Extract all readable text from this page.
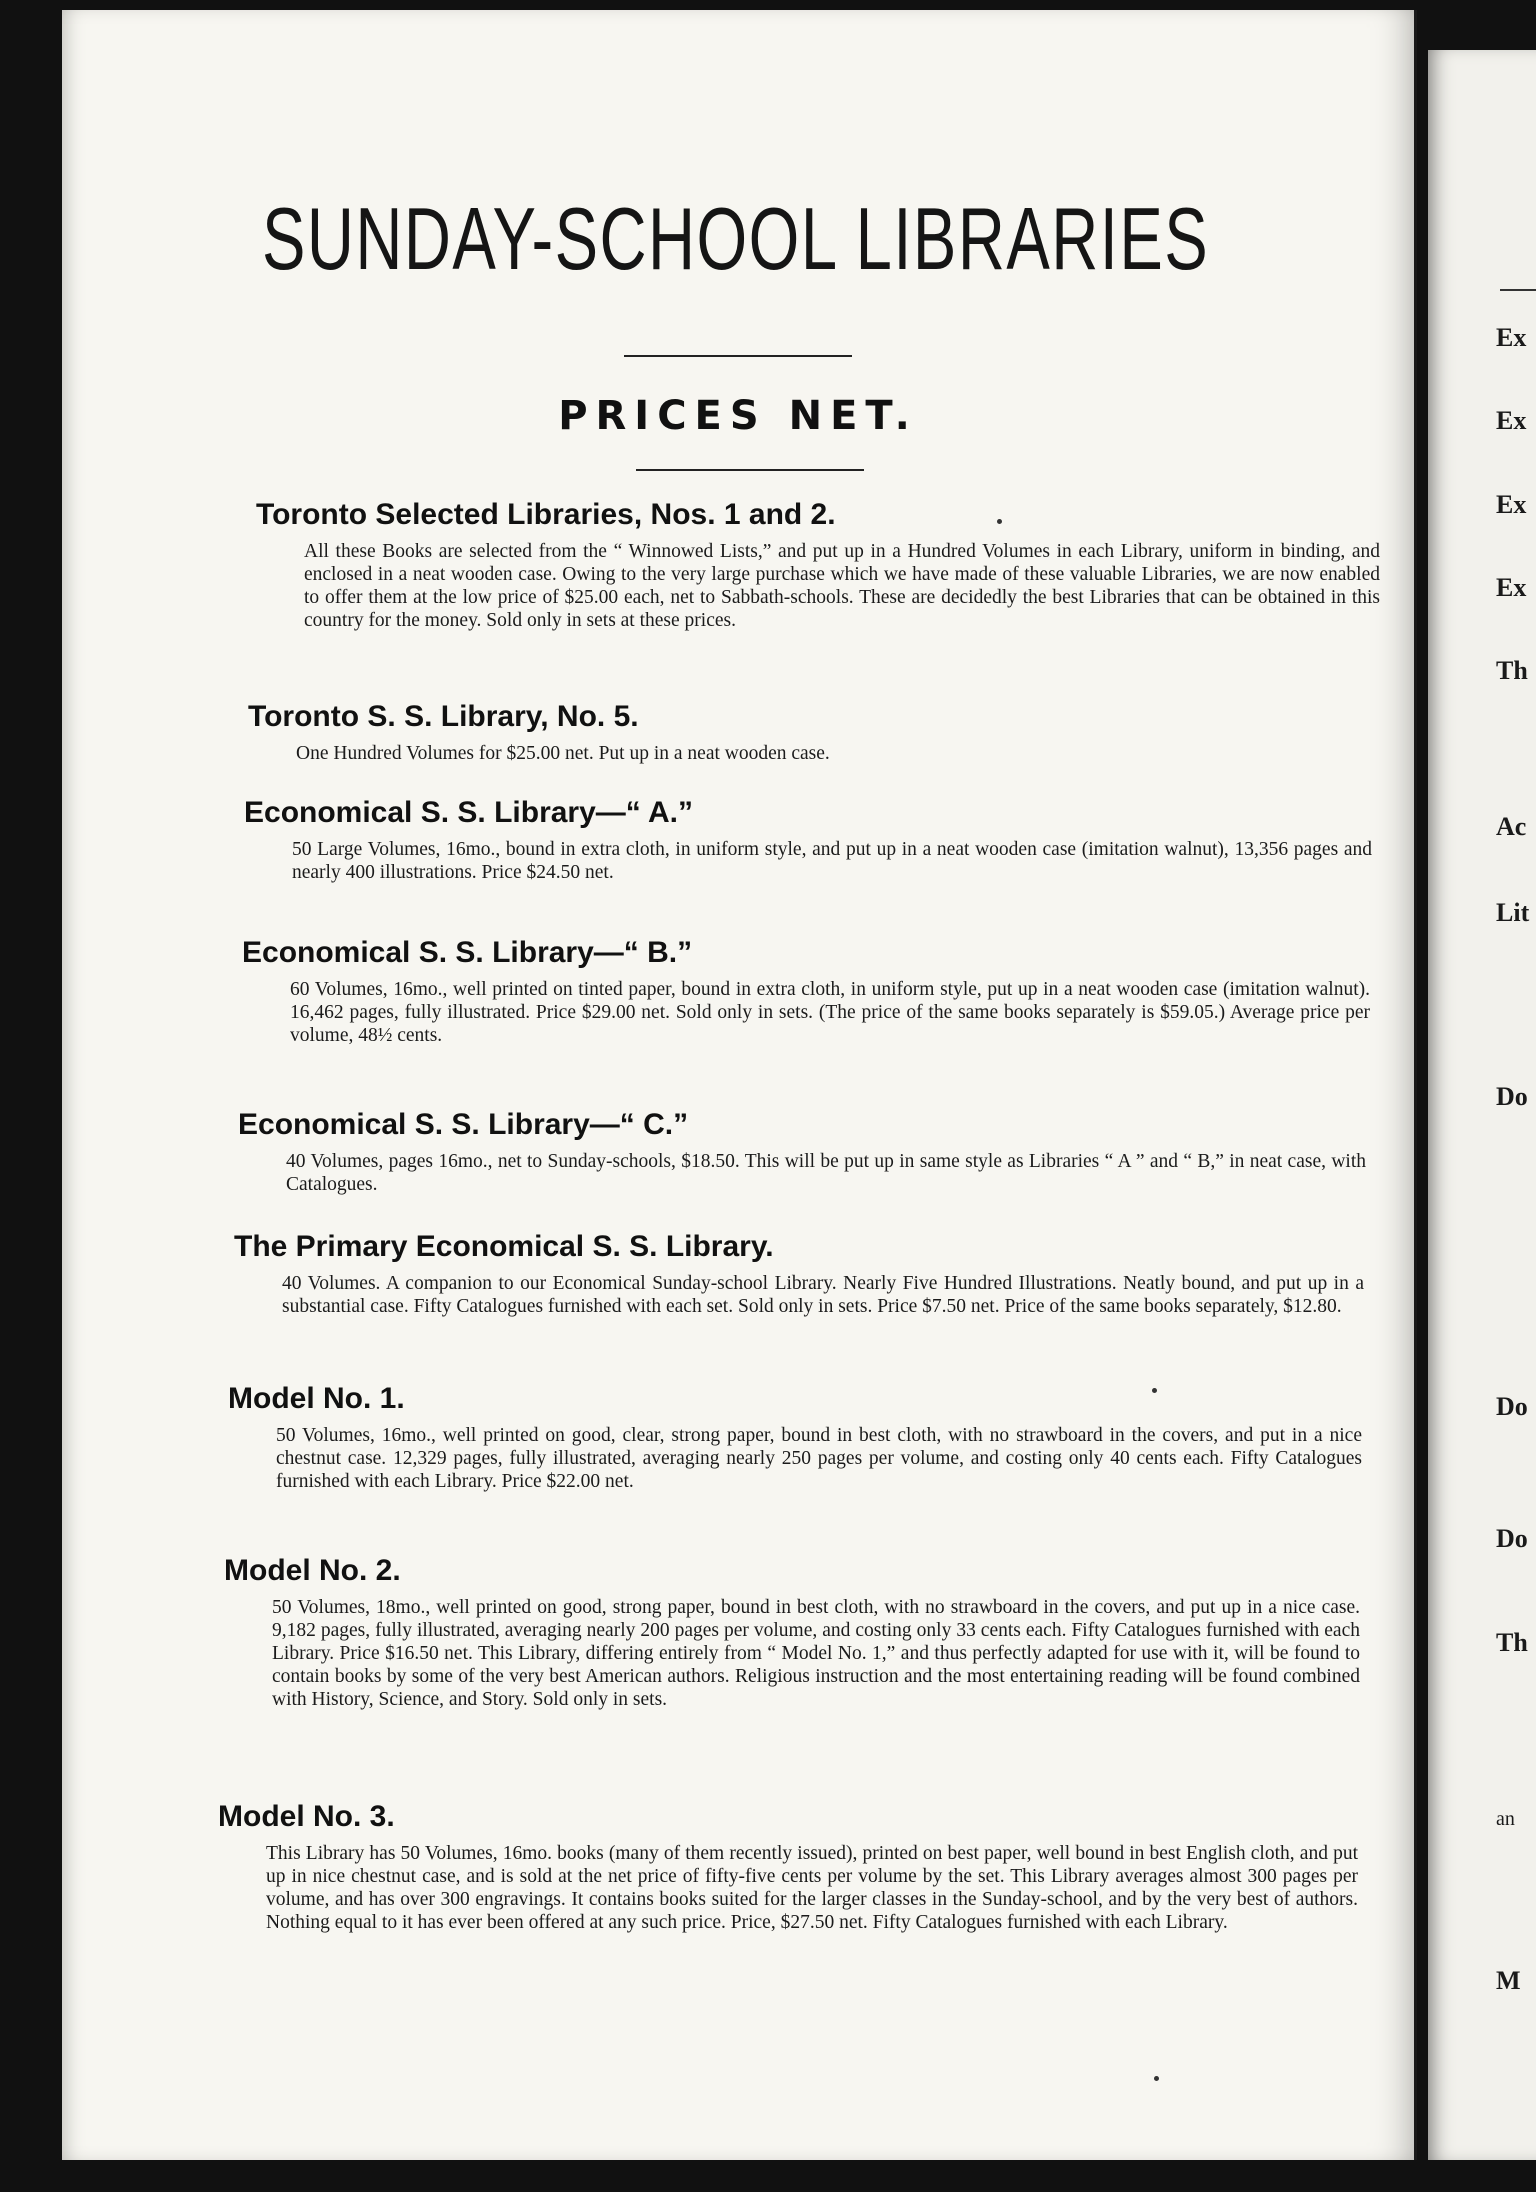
SUNDAY-SCHOOL LIBRARIES
PRICES NET.
Toronto Selected Libraries, Nos. 1 and 2.

All these Books are selected from the “ Winnowed Lists,” and put up in a Hundred Volumes in each Library, uniform in binding, and enclosed in a neat wooden case. Owing to the very large purchase which we have made of these valuable Libraries, we are now enabled to offer them at the low price of $25.00 each, net to Sabbath-schools. These are decidedly the best Libraries that can be obtained in this country for the money. Sold only in sets at these prices.

Toronto S. S. Library, No. 5.

One Hundred Volumes for $25.00 net. Put up in a neat wooden case.

Economical S. S. Library—“ A.”

50 Large Volumes, 16mo., bound in extra cloth, in uniform style, and put up in a neat wooden case (imitation walnut), 13,356 pages and nearly 400 illustrations. Price $24.50 net.

Economical S. S. Library—“ B.”

60 Volumes, 16mo., well printed on tinted paper, bound in extra cloth, in uniform style, put up in a neat wooden case (imitation walnut). 16,462 pages, fully illustrated. Price $29.00 net. Sold only in sets. (The price of the same books separately is $59.05.) Average price per volume, 48½ cents.

Economical S. S. Library—“ C.”

40 Volumes, pages 16mo., net to Sunday-schools, $18.50. This will be put up in same style as Libraries “ A ” and “ B,” in neat case, with Catalogues.

The Primary Economical S. S. Library.

40 Volumes. A companion to our Economical Sunday-school Library. Nearly Five Hundred Illustrations. Neatly bound, and put up in a substantial case. Fifty Catalogues furnished with each set. Sold only in sets. Price $7.50 net. Price of the same books separately, $12.80.

Model No. 1.

50 Volumes, 16mo., well printed on good, clear, strong paper, bound in best cloth, with no strawboard in the covers, and put in a nice chestnut case. 12,329 pages, fully illustrated, averaging nearly 250 pages per volume, and costing only 40 cents each. Fifty Catalogues furnished with each Library. Price $22.00 net.

Model No. 2.

50 Volumes, 18mo., well printed on good, strong paper, bound in best cloth, with no strawboard in the covers, and put up in a nice case. 9,182 pages, fully illustrated, averaging nearly 200 pages per volume, and costing only 33 cents each. Fifty Catalogues furnished with each Library. Price $16.50 net. This Library, differing entirely from “ Model No. 1,” and thus perfectly adapted for use with it, will be found to contain books by some of the very best American authors. Religious instruction and the most entertaining reading will be found combined with History, Science, and Story. Sold only in sets.

Model No. 3.

This Library has 50 Volumes, 16mo. books (many of them recently issued), printed on best paper, well bound in best English cloth, and put up in nice chestnut case, and is sold at the net price of fifty-five cents per volume by the set. This Library averages almost 300 pages per volume, and has over 300 engravings. It contains books suited for the larger classes in the Sunday-school, and by the very best of authors. Nothing equal to it has ever been offered at any such price. Price, $27.50 net. Fifty Catalogues furnished with each Library.

Ex
Ex
Ex
Ex
Th
Ac
Lit
Do
Do
Do
Th
an
M
